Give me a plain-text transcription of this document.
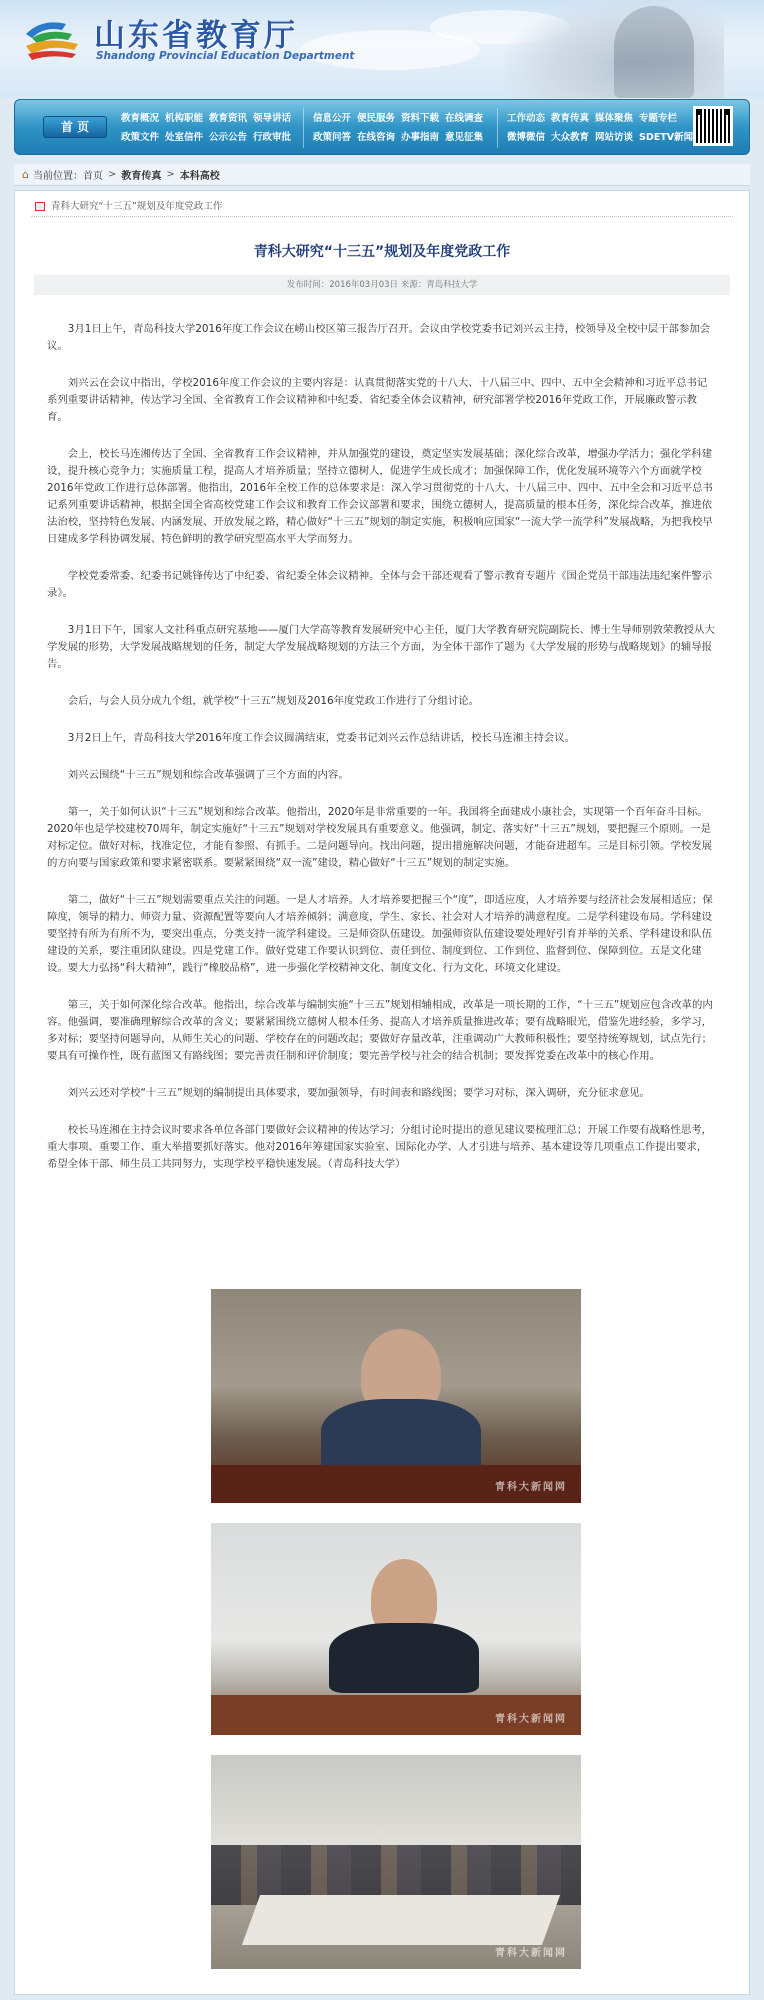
山东省教育厅
Shandong Provincial Education Department
首 页
教育概况 机构职能 教育资讯 领导讲话
政策文件 处室信件 公示公告 行政审批
信息公开 便民服务 资料下载 在线调查
政策问答 在线咨询 办事指南 意见征集
工作动态 教育传真 媒体聚焦 专题专栏
微博微信 大众教育 网站访谈 SDETV新闻
⌂ 当前位置： 首页 > 教育传真 > 本科高校
青科大研究“十三五”规划及年度党政工作
青科大研究“十三五”规划及年度党政工作
发布时间：2016年03月03日 来源：青岛科技大学

3月1日上午，青岛科技大学2016年度工作会议在崂山校区第三报告厅召开。会议由学校党委书记刘兴云主持，校领导及全校中层干部参加会议。

刘兴云在会议中指出，学校2016年度工作会议的主要内容是：认真贯彻落实党的十八大、十八届三中、四中、五中全会精神和习近平总书记系列重要讲话精神，传达学习全国、全省教育工作会议精神和中纪委、省纪委全体会议精神，研究部署学校2016年党政工作，开展廉政警示教育。

会上，校长马连湘传达了全国、全省教育工作会议精神，并从加强党的建设，奠定坚实发展基础；深化综合改革，增强办学活力；强化学科建设，提升核心竞争力；实施质量工程，提高人才培养质量；坚持立德树人，促进学生成长成才；加强保障工作，优化发展环境等六个方面就学校2016年党政工作进行总体部署。他指出，2016年全校工作的总体要求是：深入学习贯彻党的十八大、十八届三中、四中、五中全会和习近平总书记系列重要讲话精神，根据全国全省高校党建工作会议和教育工作会议部署和要求，围绕立德树人，提高质量的根本任务，深化综合改革，推进依法治校，坚持特色发展、内涵发展、开放发展之路，精心做好“十三五”规划的制定实施，积极响应国家“一流大学一流学科”发展战略，为把我校早日建成多学科协调发展、特色鲜明的教学研究型高水平大学而努力。

学校党委常委、纪委书记姚锋传达了中纪委、省纪委全体会议精神。全体与会干部还观看了警示教育专题片《国企党员干部违法违纪案件警示录》。

3月1日下午，国家人文社科重点研究基地——厦门大学高等教育发展研究中心主任，厦门大学教育研究院副院长、博士生导师别敦荣教授从大学发展的形势，大学发展战略规划的任务，制定大学发展战略规划的方法三个方面，为全体干部作了题为《大学发展的形势与战略规划》的辅导报告。

会后，与会人员分成九个组，就学校“十三五”规划及2016年度党政工作进行了分组讨论。

3月2日上午，青岛科技大学2016年度工作会议圆满结束，党委书记刘兴云作总结讲话，校长马连湘主持会议。

刘兴云围绕“十三五”规划和综合改革强调了三个方面的内容。

第一，关于如何认识“十三五”规划和综合改革。他指出，2020年是非常重要的一年。我国将全面建成小康社会，实现第一个百年奋斗目标。2020年也是学校建校70周年，制定实施好“十三五”规划对学校发展具有重要意义。他强调，制定、落实好“十三五”规划，要把握三个原则。一是对标定位。做好对标，找准定位，才能有参照、有抓手。二是问题导向。找出问题，提出措施解决问题，才能奋进超车。三是目标引领。学校发展的方向要与国家政策和要求紧密联系。要紧紧围绕“双一流”建设，精心做好“十三五”规划的制定实施。

第二，做好“十三五”规划需要重点关注的问题。一是人才培养。人才培养要把握三个“度”，即适应度，人才培养要与经济社会发展相适应；保障度，领导的精力、师资力量、资源配置等要向人才培养倾斜；满意度，学生、家长、社会对人才培养的满意程度。二是学科建设布局。学科建设要坚持有所为有所不为，要突出重点，分类支持一流学科建设。三是师资队伍建设。加强师资队伍建设要处理好引育并举的关系、学科建设和队伍建设的关系，要注重团队建设。四是党建工作。做好党建工作要认识到位、责任到位、制度到位、工作到位、监督到位、保障到位。五是文化建设。要大力弘扬“科大精神”，践行“橡胶品格”，进一步强化学校精神文化、制度文化、行为文化、环境文化建设。

第三，关于如何深化综合改革。他指出，综合改革与编制实施“十三五”规划相辅相成，改革是一项长期的工作，“十三五”规划应包含改革的内容。他强调，要准确理解综合改革的含义；要紧紧围绕立德树人根本任务、提高人才培养质量推进改革；要有战略眼光，借鉴先进经验，多学习，多对标；要坚持问题导向，从师生关心的问题、学校存在的问题改起；要做好存量改革，注重调动广大教师积极性；要坚持统筹规划，试点先行；要具有可操作性，既有蓝图又有路线图；要完善责任制和评价制度；要完善学校与社会的结合机制；要发挥党委在改革中的核心作用。

刘兴云还对学校“十三五”规划的编制提出具体要求，要加强领导，有时间表和路线图；要学习对标，深入调研，充分征求意见。

校长马连湘在主持会议时要求各单位各部门要做好会议精神的传达学习；分组讨论时提出的意见建议要梳理汇总；开展工作要有战略性思考，重大事项、重要工作、重大举措要抓好落实。他对2016年筹建国家实验室、国际化办学、人才引进与培养、基本建设等几项重点工作提出要求，希望全体干部、师生员工共同努力，实现学校平稳快速发展。（青岛科技大学）

青科大新闻网
青科大新闻网
青科大新闻网
